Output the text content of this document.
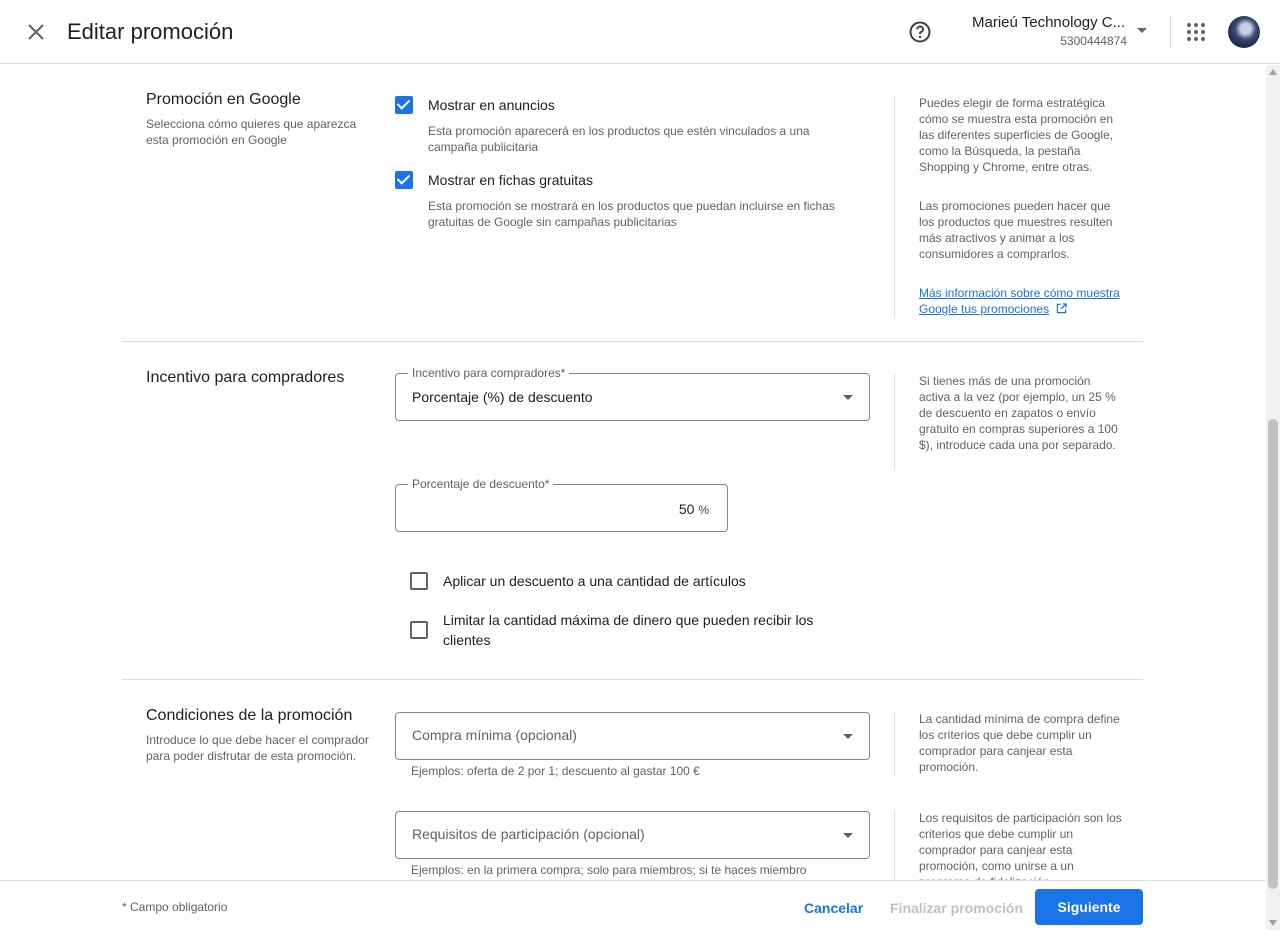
Editar promoción	Marieú Technology C...
5300444874
Promoción en Google
Selecciona cómo quieres que aparezca esta promoción en Google
Mostrar en anuncios
Esta promoción aparecerá en los productos que estén vinculados a una campaña publicitaria
Mostrar en fichas gratuitas
Esta promoción se mostrará en los productos que puedan incluirse en fichas gratuitas de Google sin campañas publicitarias
Puedes elegir de forma estratégica cómo se muestra esta promoción en las diferentes superficies de Google, como la Búsqueda, la pestaña Shopping y Chrome, entre otras.
Las promociones pueden hacer que los productos que muestres resulten más atractivos y animar a los consumidores a comprarlos.
Más información sobre cómo muestra Google tus promociones
Incentivo para compradores	Incentivo para compradores*
Porcentaje (%) de descuento
Si tienes más de una promoción activa a la vez (por ejemplo, un 25 % de descuento en zapatos o envío gratuito en compras superiores a 100 $), introduce cada una por separado.
Porcentaje de descuento*
50 %
Aplicar un descuento a una cantidad de artículos
Limitar la cantidad máxima de dinero que pueden recibir los clientes
Condiciones de la promoción
Introduce lo que debe hacer el comprador para poder disfrutar de esta promoción.
Compra mínima (opcional)
Ejemplos: oferta de 2 por 1; descuento al gastar 100 €
La cantidad mínima de compra define los criterios que debe cumplir un comprador para canjear esta promoción.
Requisitos de participación (opcional)
Ejemplos: en la primera compra; solo para miembros; si te haces miembro
Los requisitos de participación son los criterios que debe cumplir un comprador para canjear esta promoción, como unirse a un
* Campo obligatorio	Cancelar	Finalizar promoción	Siguiente
